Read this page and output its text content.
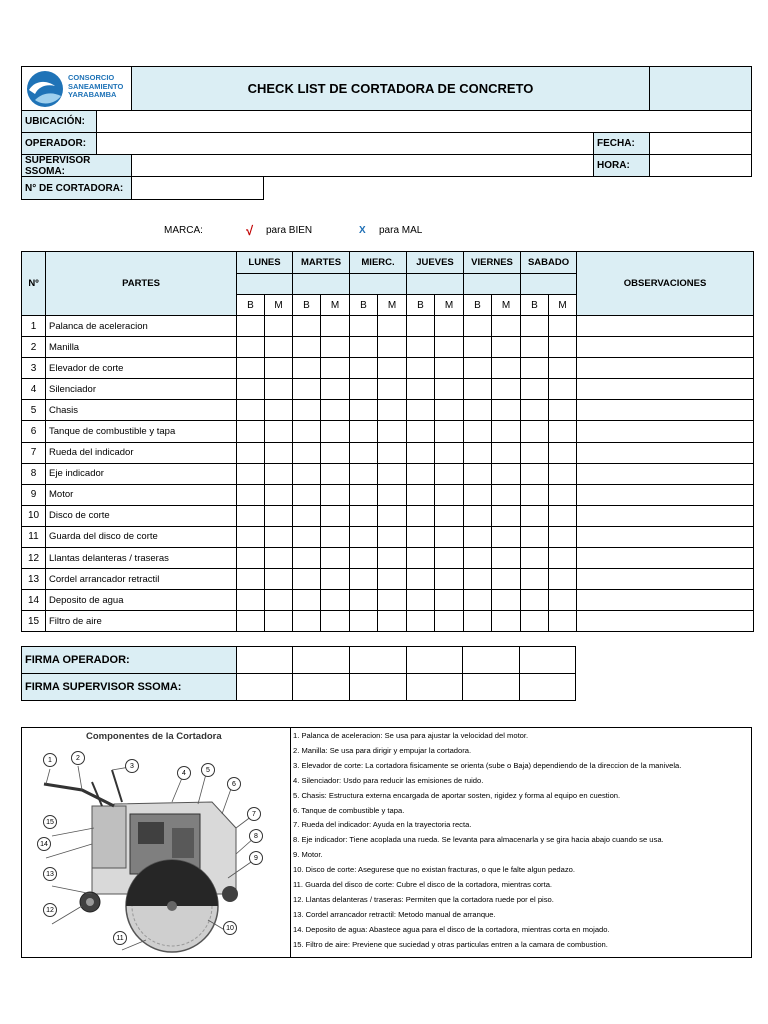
CONSORCIO
SANEAMIENTO
YARABAMBA	CHECK LIST DE CORTADORA DE CONCRETO
UBICACIÓN:
OPERADOR:	FECHA:
SUPERVISOR SSOMA:	HORA:
N° DE CORTADORA:
MARCA:	√ para BIEN	X para MAL
Nº	PARTES	LUNES		MARTES		MIERC.		JUEVES		VIERNES		SABADO		OBSERVACIONES

		B	M	B	M	B	M	B	M	B	M	B	M	
1	Palanca de aceleracion													
2	Manilla													
3	Elevador de corte													
4	Silenciador													
5	Chasis													
6	Tanque de combustible y tapa													
7	Rueda del indicador													
8	Eje indicador													
9	Motor													
10	Disco de corte													
11	Guarda del disco de corte													
12	Llantas delanteras / traseras													
13	Cordel arrancador retractil													
14	Deposito de agua													
15	Filtro de aire													
FIRMA OPERADOR:						
FIRMA SUPERVISOR SSOMA:						
Componentes de la Cortadora
1	2
3
4	5
6
7
8
9
10
11
12
13
14
15
1. Palanca de aceleracion: Se usa para ajustar la velocidad del motor.
2. Manilla: Se usa para dirigir y empujar la cortadora.
3. Elevador de corte: La cortadora fisicamente se orienta (sube o Baja) dependiendo de la direccion de la manivela.
4. Silenciador: Usdo para reducir las emisiones de ruido.
5. Chasis: Estructura externa encargada de aportar sosten, rigidez y forma al equipo en cuestion.
6. Tanque de combustible y tapa.
7. Rueda del indicador: Ayuda en la trayectoria recta.
8. Eje indicador: Tiene acoplada una rueda. Se levanta para almacenarla y se gira hacia abajo cuando se usa.
9. Motor.
10. Disco de corte: Asegurese que no existan fracturas, o que le falte algun pedazo.
11. Guarda del disco de corte: Cubre el disco de la cortadora, mientras corta.
12. Llantas delanteras / traseras: Permiten que la cortadora ruede por el piso.
13. Cordel arrancador retractil: Metodo manual de arranque.
14. Deposito de agua: Abastece agua para el disco de la cortadora, mientras corta en mojado.
15. Filtro de aire: Previene que suciedad y otras particulas entren a la camara de combustion.
